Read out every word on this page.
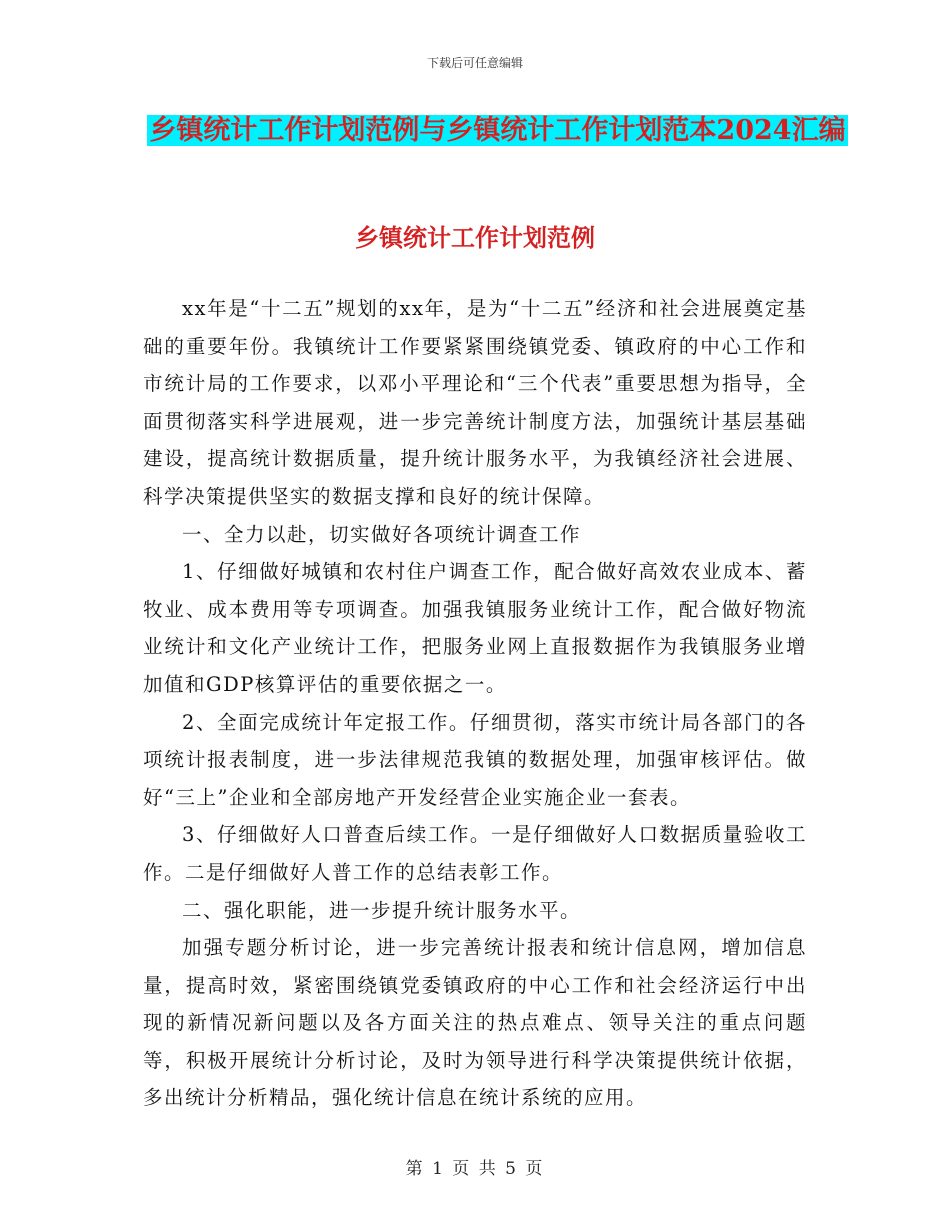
下载后可任意编辑
乡镇统计工作计划范例与乡镇统计工作计划范本2024汇编
乡镇统计工作计划范例

xx年是“十二五”规划的xx年，是为“十二五”经济和社会进展奠定基础的重要年份。我镇统计工作要紧紧围绕镇党委、镇政府的中心工作和市统计局的工作要求，以邓小平理论和“三个代表”重要思想为指导，全面贯彻落实科学进展观，进一步完善统计制度方法，加强统计基层基础建设，提高统计数据质量，提升统计服务水平，为我镇经济社会进展、科学决策提供坚实的数据支撑和良好的统计保障。

一、全力以赴，切实做好各项统计调查工作

1、仔细做好城镇和农村住户调查工作，配合做好高效农业成本、蓄牧业、成本费用等专项调查。加强我镇服务业统计工作，配合做好物流业统计和文化产业统计工作，把服务业网上直报数据作为我镇服务业增加值和GDP核算评估的重要依据之一。

2、全面完成统计年定报工作。仔细贯彻，落实市统计局各部门的各项统计报表制度，进一步法律规范我镇的数据处理，加强审核评估。做好“三上”企业和全部房地产开发经营企业实施企业一套表。

3、仔细做好人口普查后续工作。一是仔细做好人口数据质量验收工作。二是仔细做好人普工作的总结表彰工作。

二、强化职能，进一步提升统计服务水平。

加强专题分析讨论，进一步完善统计报表和统计信息网，增加信息量，提高时效，紧密围绕镇党委镇政府的中心工作和社会经济运行中出现的新情况新问题以及各方面关注的热点难点、领导关注的重点问题等，积极开展统计分析讨论，及时为领导进行科学决策提供统计依据，多出统计分析精品，强化统计信息在统计系统的应用。

第 1 页 共 5 页
